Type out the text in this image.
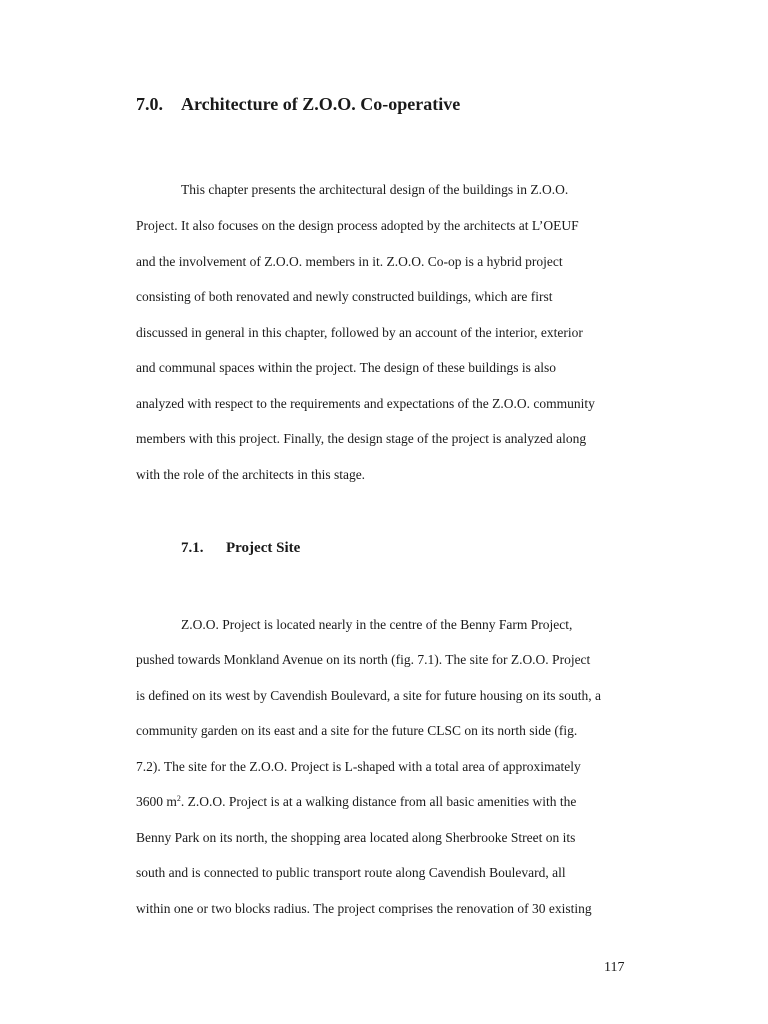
7.0. Architecture of Z.O.O. Co-operative
This chapter presents the architectural design of the buildings in Z.O.O.
Project. It also focuses on the design process adopted by the architects at L’OEUF
and the involvement of Z.O.O. members in it. Z.O.O. Co-op is a hybrid project
consisting of both renovated and newly constructed buildings, which are first
discussed in general in this chapter, followed by an account of the interior, exterior
and communal spaces within the project. The design of these buildings is also
analyzed with respect to the requirements and expectations of the Z.O.O. community
members with this project. Finally, the design stage of the project is analyzed along
with the role of the architects in this stage.
7.1. Project Site
Z.O.O. Project is located nearly in the centre of the Benny Farm Project,
pushed towards Monkland Avenue on its north (fig. 7.1). The site for Z.O.O. Project
is defined on its west by Cavendish Boulevard, a site for future housing on its south, a
community garden on its east and a site for the future CLSC on its north side (fig.
7.2). The site for the Z.O.O. Project is L-shaped with a total area of approximately
3600 $m^2$. Z.O.O. Project is at a walking distance from all basic amenities with the
Benny Park on its north, the shopping area located along Sherbrooke Street on its
south and is connected to public transport route along Cavendish Boulevard, all
within one or two blocks radius. The project comprises the renovation of 30 existing
117
